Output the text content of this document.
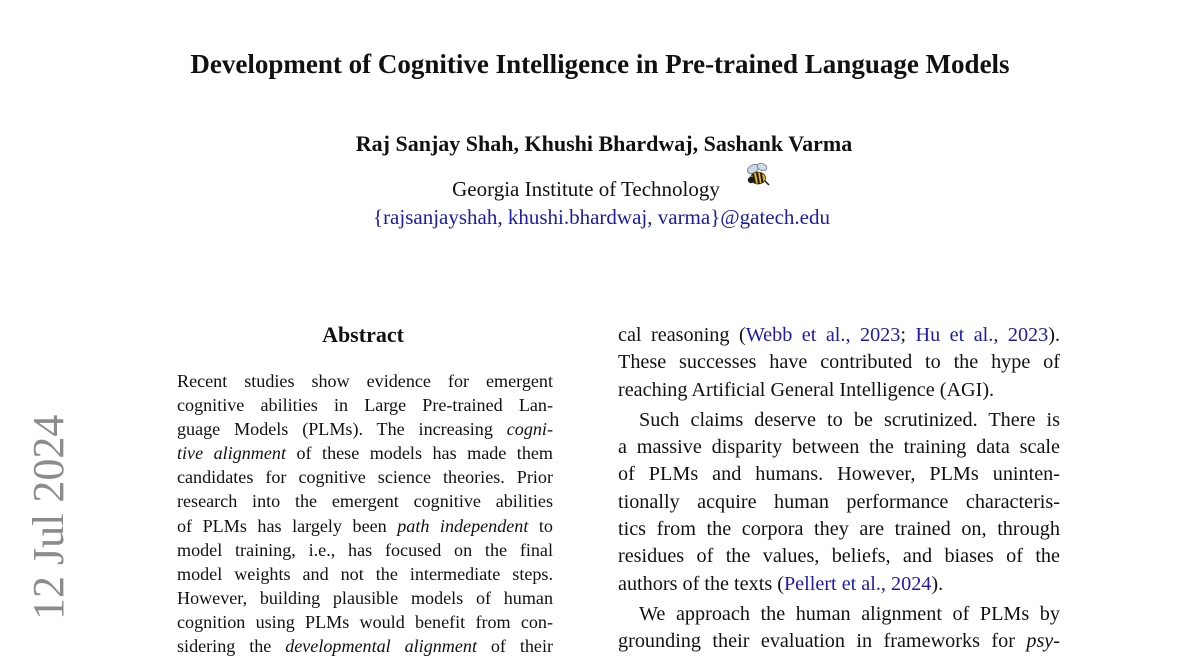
Development of Cognitive Intelligence in Pre-trained Language Models
Raj Sanjay Shah, Khushi Bhardwaj, Sashank Varma
Georgia Institute of Technology
{rajsanjayshah, khushi.bhardwaj, varma}@gatech.edu
12 Jul 2024
Abstract
Recent studies show evidence for emergent
cognitive abilities in Large Pre-trained Lan-
guage Models (PLMs). The increasing cogni-
tive alignment of these models has made them
candidates for cognitive science theories. Prior
research into the emergent cognitive abilities
of PLMs has largely been path independent to
model training, i.e., has focused on the final
model weights and not the intermediate steps.
However, building plausible models of human
cognition using PLMs would benefit from con-
sidering the developmental alignment of their
cal reasoning (Webb et al., 2023; Hu et al., 2023).
These successes have contributed to the hype of
reaching Artificial General Intelligence (AGI).
Such claims deserve to be scrutinized. There is
a massive disparity between the training data scale
of PLMs and humans. However, PLMs uninten-
tionally acquire human performance characteris-
tics from the corpora they are trained on, through
residues of the values, beliefs, and biases of the
authors of the texts (Pellert et al., 2024).
We approach the human alignment of PLMs by
grounding their evaluation in frameworks for psy-
